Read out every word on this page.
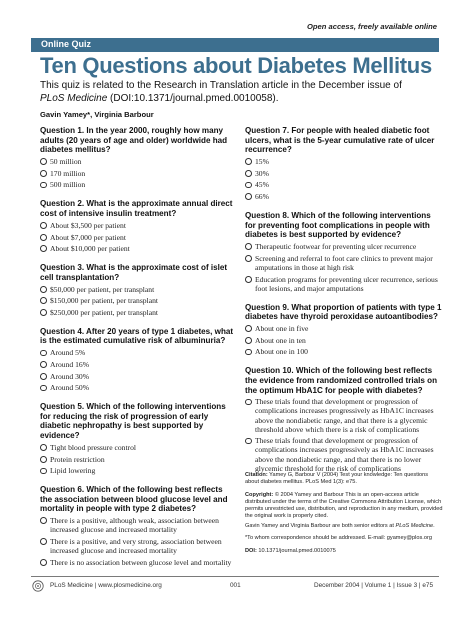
Open access, freely available online
Online Quiz
Ten Questions about Diabetes Mellitus

This quiz is related to the Research in Translation article in the December issue of PLoS Medicine (DOI:10.1371/journal.pmed.0010058).

Gavin Yamey*, Virginia Barbour
Question 1. In the year 2000, roughly how many adults (20 years of age and older) worldwide had diabetes mellitus?
50 million
170 million
500 million
Question 2. What is the approximate annual direct cost of intensive insulin treatment?
About $3,500 per patient
About $7,000 per patient
About $10,000 per patient
Question 3. What is the approximate cost of islet cell transplantation?
$50,000 per patient, per transplant
$150,000 per patient, per transplant
$250,000 per patient, per transplant
Question 4. After 20 years of type 1 diabetes, what is the estimated cumulative risk of albuminuria?
Around 5%
Around 16%
Around 30%
Around 50%
Question 5. Which of the following interventions for reducing the risk of progression of early diabetic nephropathy is best supported by evidence?
Tight blood pressure control
Protein restriction
Lipid lowering
Question 6. Which of the following best reflects the association between blood glucose level and mortality in people with type 2 diabetes?
There is a positive, although weak, association between increased glucose and increased mortality
There is a positive, and very strong, association between increased glucose and increased mortality
There is no association between glucose level and mortality
Question 7. For people with healed diabetic foot ulcers, what is the 5-year cumulative rate of ulcer recurrence?
15%
30%
45%
66%
Question 8. Which of the following interventions for preventing foot complications in people with diabetes is best supported by evidence?
Therapeutic footwear for preventing ulcer recurrence
Screening and referral to foot care clinics to prevent major amputations in those at high risk
Education programs for preventing ulcer recurrence, serious foot lesions, and major amputations
Question 9. What proportion of patients with type 1 diabetes have thyroid peroxidase autoantibodies?
About one in five
About one in ten
About one in 100
Question 10. Which of the following best reflects the evidence from randomized controlled trials on the optimum HbA1C for people with diabetes?
These trials found that development or progression of complications increases progressively as HbA1C increases above the nondiabetic range, and that there is a glycemic threshold above which there is a risk of complications
These trials found that development or progression of complications increases progressively as HbA1C increases above the nondiabetic range, and that there is no lower glycemic threshold for the risk of complications
Citation: Yamey G, Barbour V (2004) Test your knowledge: Ten questions about diabetes mellitus. PLoS Med 1(3): e75.
Copyright: © 2004 Yamey and Barbour This is an open-access article distributed under the terms of the Creative Commons Attribution License, which permits unrestricted use, distribution, and reproduction in any medium, provided the original work is properly cited.
Gavin Yamey and Virginia Barbour are both senior editors at PLoS Medicine.
*To whom correspondence should be addressed. E-mail: gyamey@plos.org
DOI: 10.1371/journal.pmed.0010075
PLoS Medicine | www.plosmedicine.org	001	December 2004 | Volume 1 | Issue 3 | e75
